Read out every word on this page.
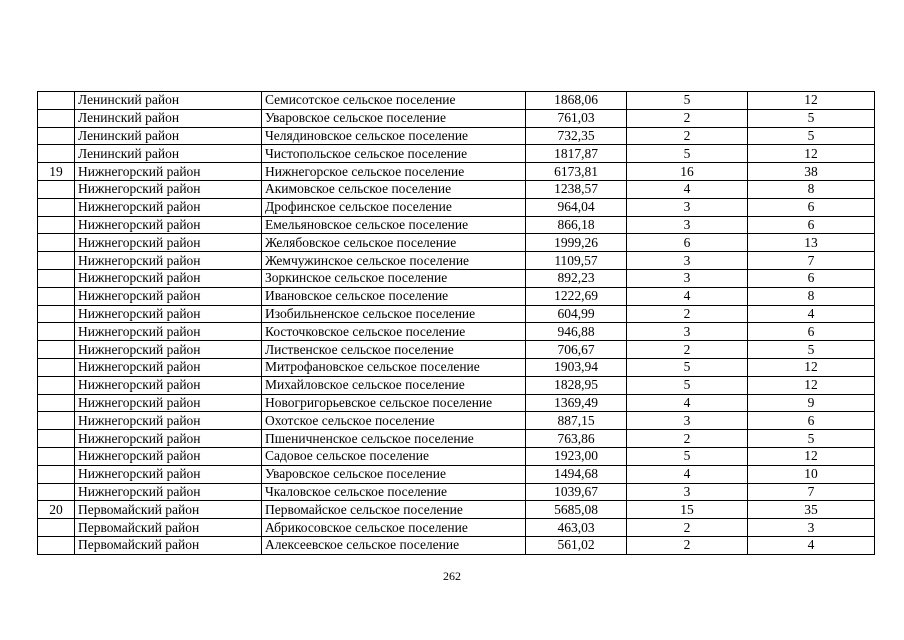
	Ленинский район	Семисотское сельское поселение	1868,06	5	12
	Ленинский район	Уваровское сельское поселение	761,03	2	5
	Ленинский район	Челядиновское сельское поселение	732,35	2	5
	Ленинский район	Чистопольское сельское поселение	1817,87	5	12
19	Нижнегорский район	Нижнегорское сельское поселение	6173,81	16	38
	Нижнегорский район	Акимовское сельское поселение	1238,57	4	8
	Нижнегорский район	Дрофинское сельское поселение	964,04	3	6
	Нижнегорский район	Емельяновское сельское поселение	866,18	3	6
	Нижнегорский район	Желябовское сельское поселение	1999,26	6	13
	Нижнегорский район	Жемчужинское сельское поселение	1109,57	3	7
	Нижнегорский район	Зоркинское сельское поселение	892,23	3	6
	Нижнегорский район	Ивановское сельское поселение	1222,69	4	8
	Нижнегорский район	Изобильненское сельское поселение	604,99	2	4
	Нижнегорский район	Косточковское сельское поселение	946,88	3	6
	Нижнегорский район	Лиственское сельское поселение	706,67	2	5
	Нижнегорский район	Митрофановское сельское поселение	1903,94	5	12
	Нижнегорский район	Михайловское сельское поселение	1828,95	5	12
	Нижнегорский район	Новогригорьевское сельское поселение	1369,49	4	9
	Нижнегорский район	Охотское сельское поселение	887,15	3	6
	Нижнегорский район	Пшеничненское сельское поселение	763,86	2	5
	Нижнегорский район	Садовое сельское поселение	1923,00	5	12
	Нижнегорский район	Уваровское сельское поселение	1494,68	4	10
	Нижнегорский район	Чкаловское сельское поселение	1039,67	3	7
20	Первомайский район	Первомайское сельское поселение	5685,08	15	35
	Первомайский район	Абрикосовское сельское поселение	463,03	2	3
	Первомайский район	Алексеевское сельское поселение	561,02	2	4
262
